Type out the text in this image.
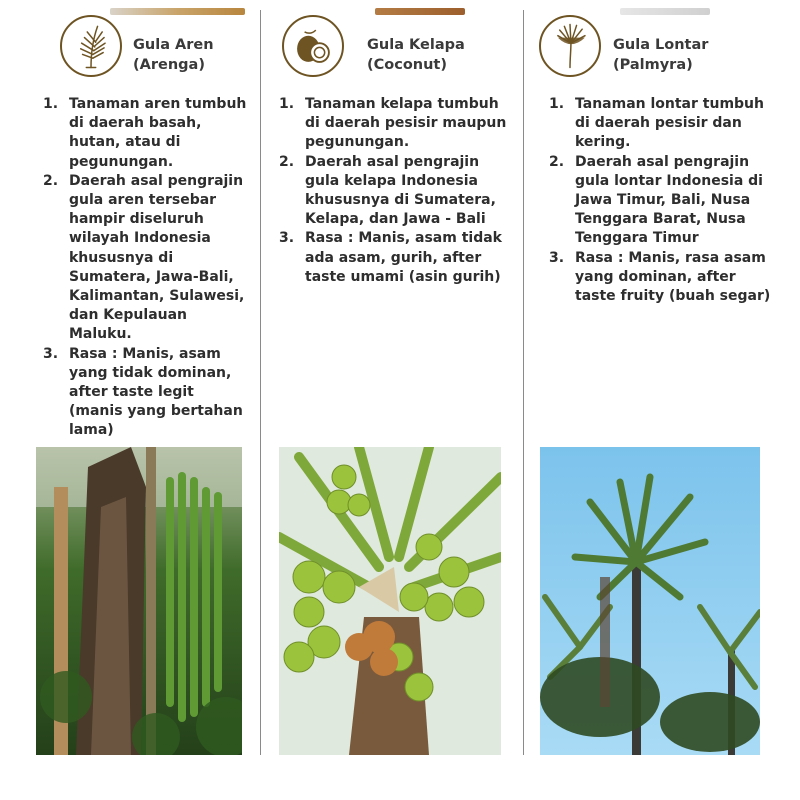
Gula Aren
(Arenga)
1. Tanaman aren tumbuh di daerah basah, hutan, atau di pegunungan.
2. Daerah asal pengrajin gula aren tersebar hampir diseluruh wilayah Indonesia khususnya di Sumatera, Jawa-Bali, Kalimantan, Sulawesi, dan Kepulauan Maluku.
3. Rasa : Manis, asam yang tidak dominan, after taste legit (manis yang bertahan lama)
Gula Kelapa
(Coconut)
1. Tanaman kelapa tumbuh di daerah pesisir maupun pegunungan.
2. Daerah asal pengrajin gula kelapa Indonesia khususnya di Sumatera, Kelapa, dan Jawa - Bali
3. Rasa : Manis, asam tidak ada asam, gurih, after taste umami (asin gurih)
Gula Lontar
(Palmyra)
1. Tanaman lontar tumbuh di daerah pesisir dan kering.
2. Daerah asal pengrajin gula lontar Indonesia di Jawa Timur, Bali, Nusa Tenggara Barat, Nusa Tenggara Timur
3. Rasa : Manis, rasa asam yang dominan, after taste fruity (buah segar)
